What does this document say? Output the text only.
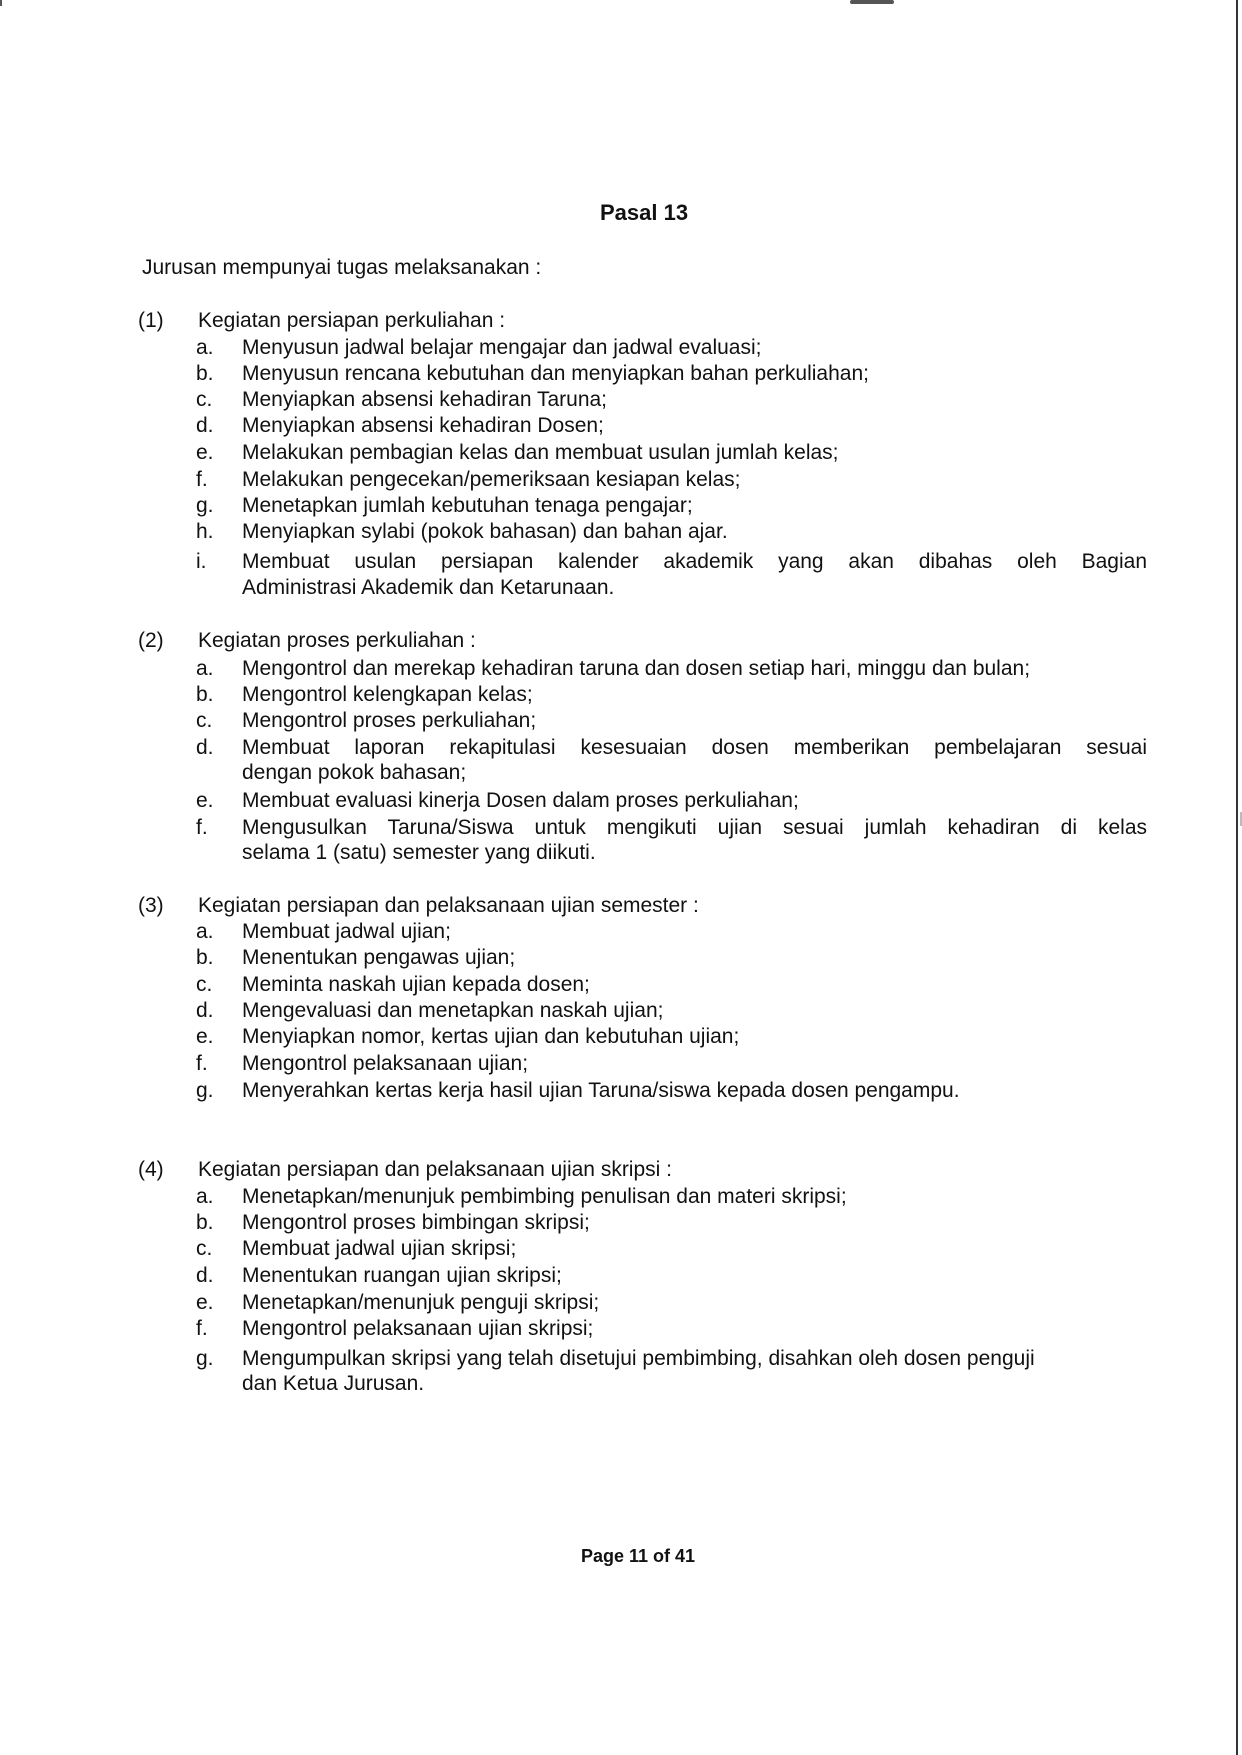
Pasal 13
Jurusan mempunyai tugas melaksanakan :
(1) Kegiatan persiapan perkuliahan :
a.	Menyusun jadwal belajar mengajar dan jadwal evaluasi;
b.	Menyusun rencana kebutuhan dan menyiapkan bahan perkuliahan;
c.	Menyiapkan absensi kehadiran Taruna;
d.	Menyiapkan absensi kehadiran Dosen;
e.	Melakukan pembagian kelas dan membuat usulan jumlah kelas;
f.	Melakukan pengecekan/pemeriksaan kesiapan kelas;
g.	Menetapkan jumlah kebutuhan tenaga pengajar;
h.	Menyiapkan sylabi (pokok bahasan) dan bahan ajar.
i.	Membuat usulan persiapan kalender akademik yang akan dibahas oleh Bagian
Administrasi Akademik dan Ketarunaan.
(2) Kegiatan proses perkuliahan :
a.	Mengontrol dan merekap kehadiran taruna dan dosen setiap hari, minggu dan bulan;
b.	Mengontrol kelengkapan kelas;
c.	Mengontrol proses perkuliahan;
d.	Membuat laporan rekapitulasi kesesuaian dosen memberikan pembelajaran sesuai
dengan pokok bahasan;
e.	Membuat evaluasi kinerja Dosen dalam proses perkuliahan;
f.	Mengusulkan Taruna/Siswa untuk mengikuti ujian sesuai jumlah kehadiran di kelas
selama 1 (satu) semester yang diikuti.
(3) Kegiatan persiapan dan pelaksanaan ujian semester :
a.	Membuat jadwal ujian;
b.	Menentukan pengawas ujian;
c.	Meminta naskah ujian kepada dosen;
d.	Mengevaluasi dan menetapkan naskah ujian;
e.	Menyiapkan nomor, kertas ujian dan kebutuhan ujian;
f.	Mengontrol pelaksanaan ujian;
g.	Menyerahkan kertas kerja hasil ujian Taruna/siswa kepada dosen pengampu.
(4) Kegiatan persiapan dan pelaksanaan ujian skripsi :
a.	Menetapkan/menunjuk pembimbing penulisan dan materi skripsi;
b.	Mengontrol proses bimbingan skripsi;
c.	Membuat jadwal ujian skripsi;
d.	Menentukan ruangan ujian skripsi;
e.	Menetapkan/menunjuk penguji skripsi;
f.	Mengontrol pelaksanaan ujian skripsi;
g.	Mengumpulkan skripsi yang telah disetujui pembimbing, disahkan oleh dosen penguji
dan Ketua Jurusan.
Page 11 of 41
